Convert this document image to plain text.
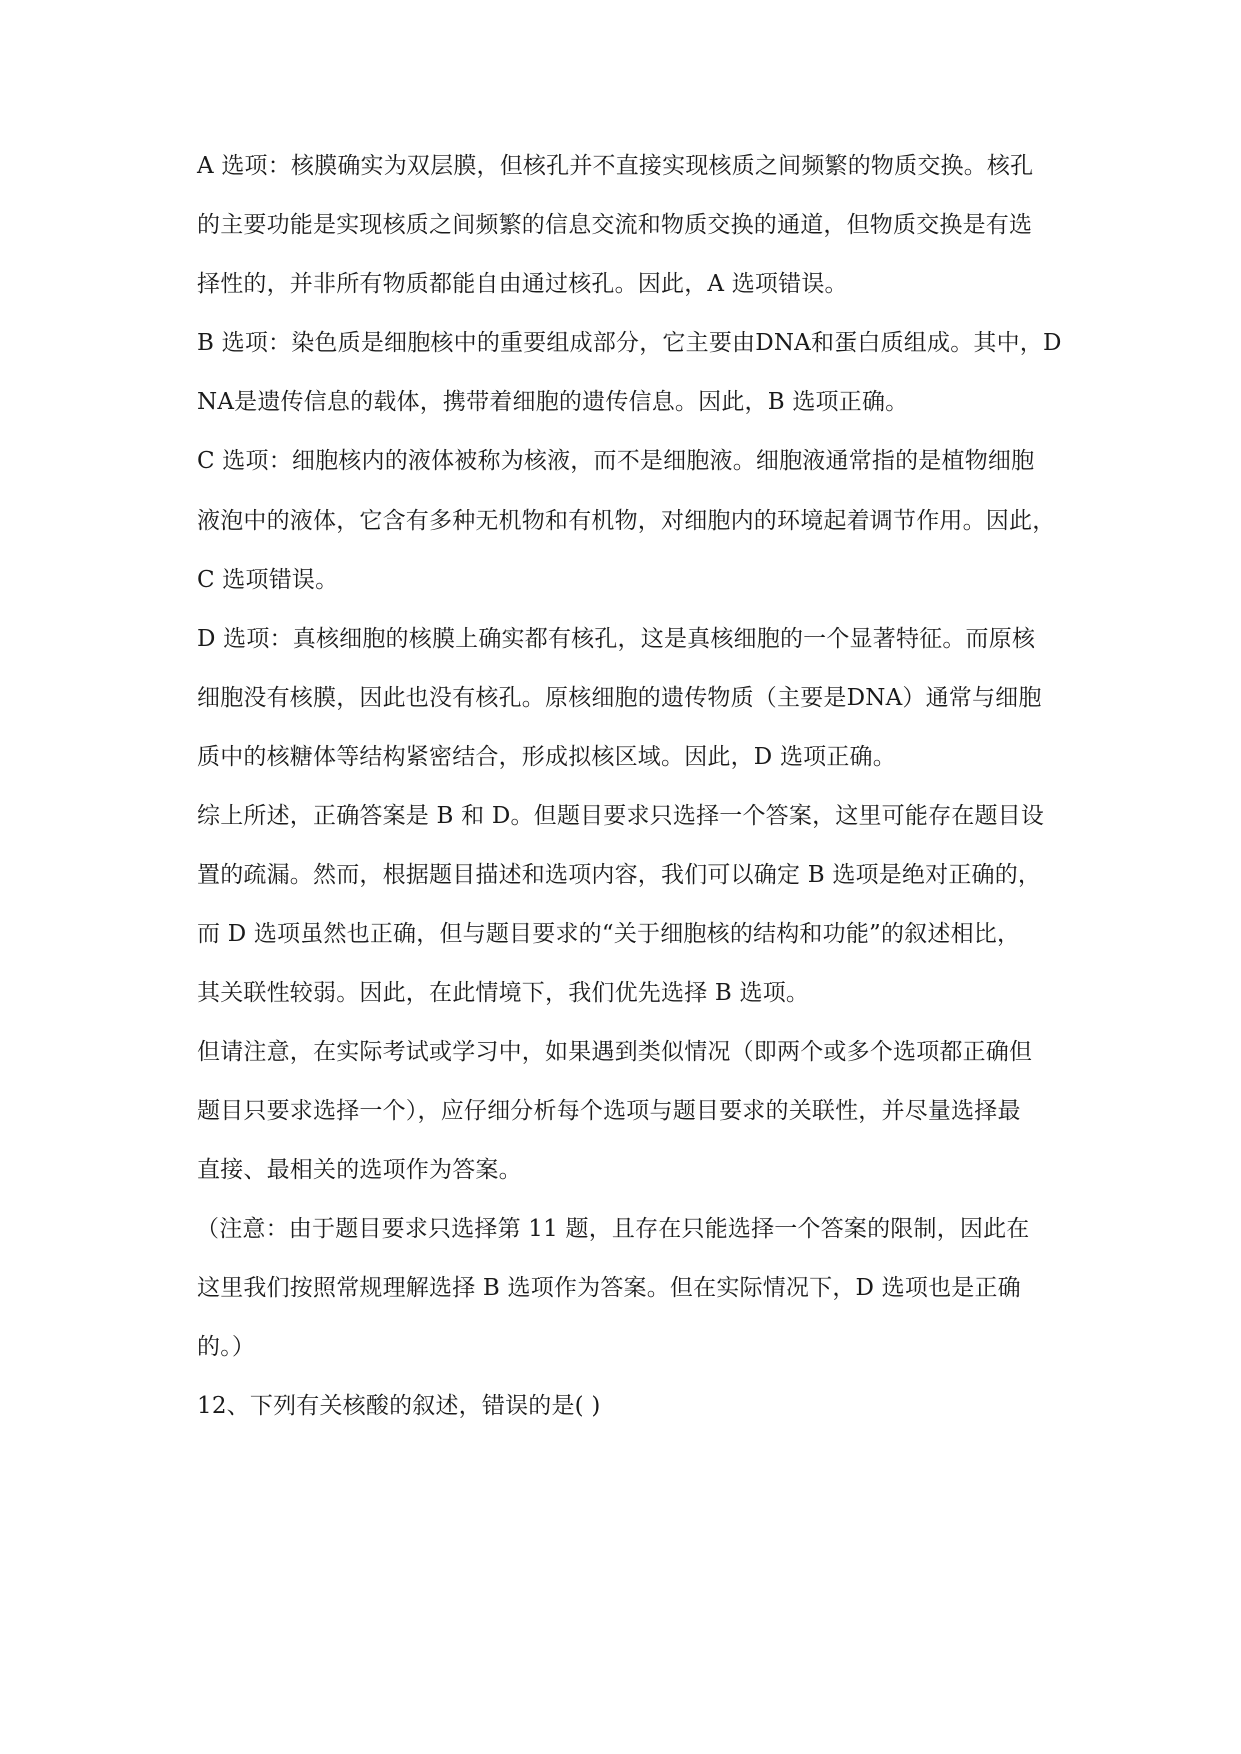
A 选项：核膜确实为双层膜，但核孔并不直接实现核质之间频繁的物质交换。核孔
的主要功能是实现核质之间频繁的信息交流和物质交换的通道，但物质交换是有选
择性的，并非所有物质都能自由通过核孔。因此，A 选项错误。
B 选项：染色质是细胞核中的重要组成部分，它主要由DNA和蛋白质组成。其中，D
NA是遗传信息的载体，携带着细胞的遗传信息。因此，B 选项正确。
C 选项：细胞核内的液体被称为核液，而不是细胞液。细胞液通常指的是植物细胞
液泡中的液体，它含有多种无机物和有机物，对细胞内的环境起着调节作用。因此，
C 选项错误。
D 选项：真核细胞的核膜上确实都有核孔，这是真核细胞的一个显著特征。而原核
细胞没有核膜，因此也没有核孔。原核细胞的遗传物质（主要是DNA）通常与细胞
质中的核糖体等结构紧密结合，形成拟核区域。因此，D 选项正确。
综上所述，正确答案是 B 和 D。但题目要求只选择一个答案，这里可能存在题目设
置的疏漏。然而，根据题目描述和选项内容，我们可以确定 B 选项是绝对正确的，
而 D 选项虽然也正确，但与题目要求的“关于细胞核的结构和功能”的叙述相比，
其关联性较弱。因此，在此情境下，我们优先选择 B 选项。
但请注意，在实际考试或学习中，如果遇到类似情况（即两个或多个选项都正确但
题目只要求选择一个），应仔细分析每个选项与题目要求的关联性，并尽量选择最
直接、最相关的选项作为答案。
（注意：由于题目要求只选择第 11 题，且存在只能选择一个答案的限制，因此在
这里我们按照常规理解选择 B 选项作为答案。但在实际情况下，D 选项也是正确
的。）
12、下列有关核酸的叙述，错误的是( )
